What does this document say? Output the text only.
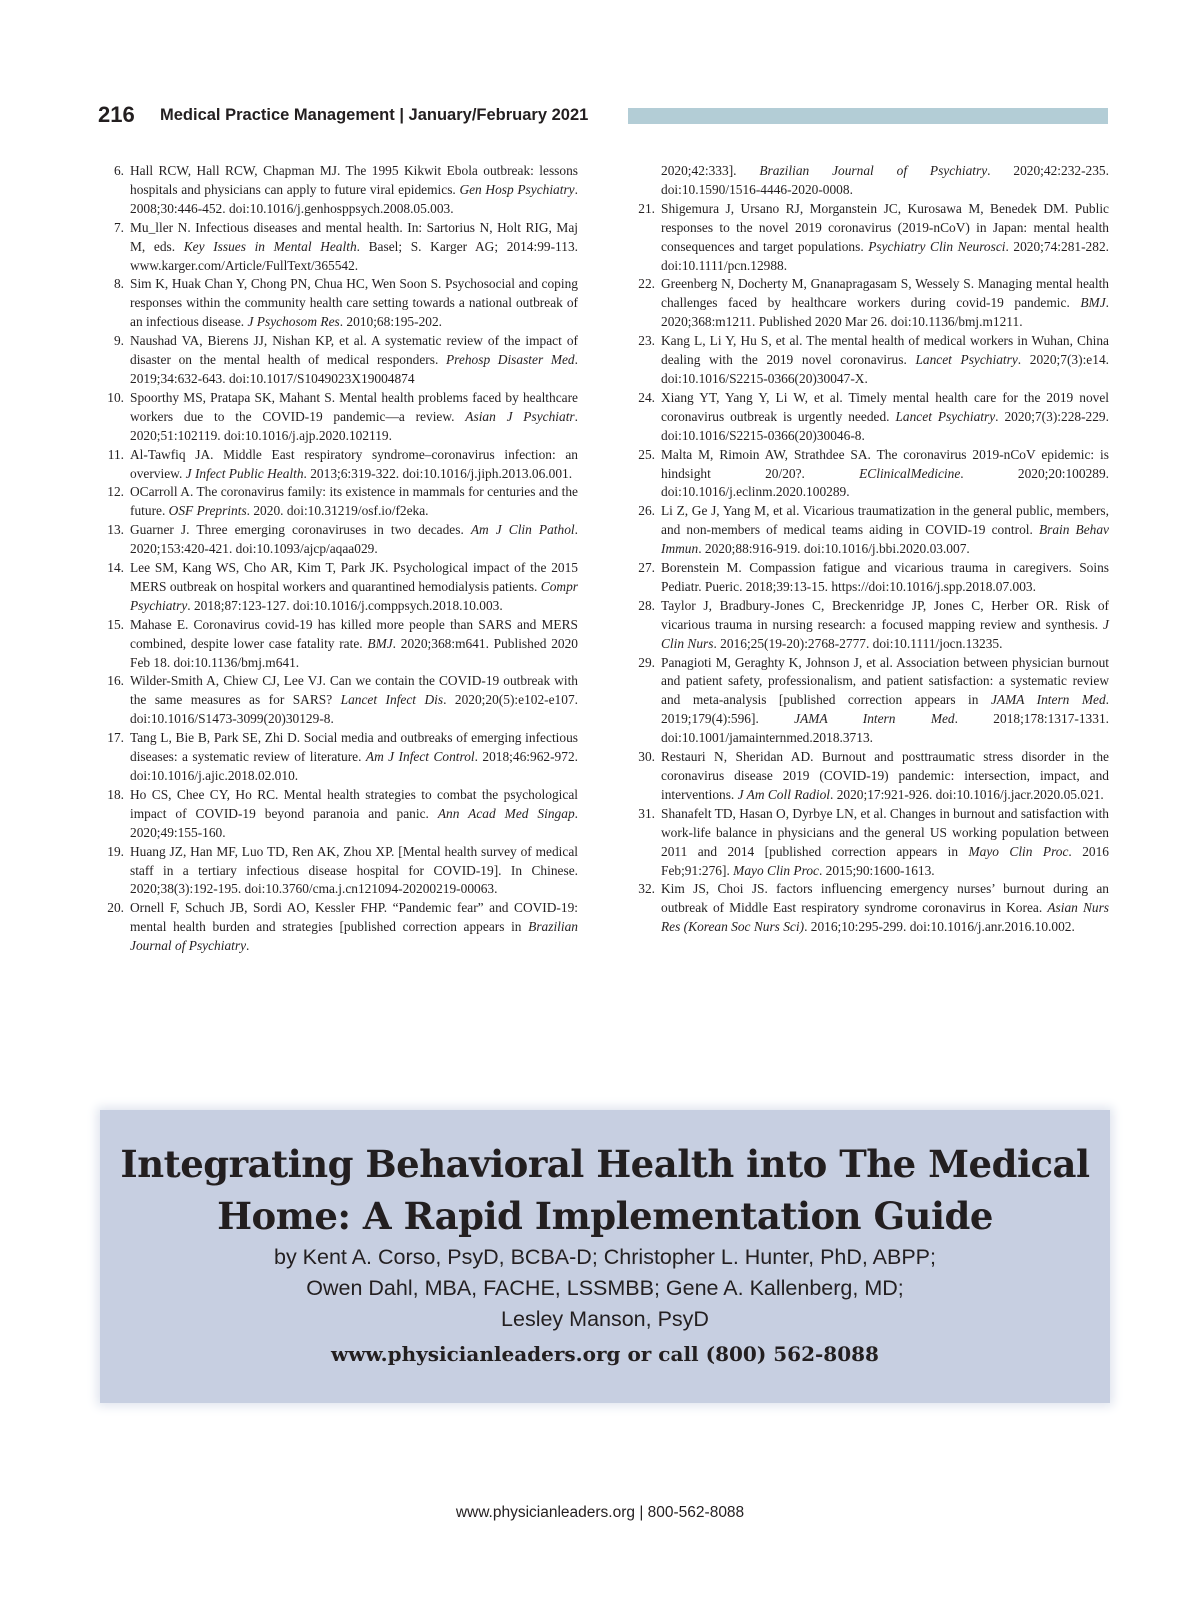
216 Medical Practice Management | January/February 2021
6. Hall RCW, Hall RCW, Chapman MJ. The 1995 Kikwit Ebola outbreak: lessons hospitals and physicians can apply to future viral epidemics. Gen Hosp Psychiatry. 2008;30:446-452. doi:10.1016/j.genhosppsych.2008.05.003.
7. Mu_ller N. Infectious diseases and mental health. In: Sartorius N, Holt RIG, Maj M, eds. Key Issues in Mental Health. Basel; S. Karger AG; 2014:99-113. www.karger.com/Article/FullText/365542.
8. Sim K, Huak Chan Y, Chong PN, Chua HC, Wen Soon S. Psychosocial and coping responses within the community health care setting towards a national outbreak of an infectious disease. J Psychosom Res. 2010;68:195-202.
9. Naushad VA, Bierens JJ, Nishan KP, et al. A systematic review of the impact of disaster on the mental health of medical responders. Prehosp Disaster Med. 2019;34:632-643. doi:10.1017/S1049023X19004874
10. Spoorthy MS, Pratapa SK, Mahant S. Mental health problems faced by healthcare workers due to the COVID-19 pandemic—a review. Asian J Psychiatr. 2020;51:102119. doi:10.1016/j.ajp.2020.102119.
11. Al-Tawfiq JA. Middle East respiratory syndrome–coronavirus infection: an overview. J Infect Public Health. 2013;6:319-322. doi:10.1016/j.jiph.2013.06.001.
12. OCarroll A. The coronavirus family: its existence in mammals for centuries and the future. OSF Preprints. 2020. doi:10.31219/osf.io/f2eka.
13. Guarner J. Three emerging coronaviruses in two decades. Am J Clin Pathol. 2020;153:420-421. doi:10.1093/ajcp/aqaa029.
14. Lee SM, Kang WS, Cho AR, Kim T, Park JK. Psychological impact of the 2015 MERS outbreak on hospital workers and quarantined hemodialysis patients. Compr Psychiatry. 2018;87:123-127. doi:10.1016/j.comppsych.2018.10.003.
15. Mahase E. Coronavirus covid-19 has killed more people than SARS and MERS combined, despite lower case fatality rate. BMJ. 2020;368:m641. Published 2020 Feb 18. doi:10.1136/bmj.m641.
16. Wilder-Smith A, Chiew CJ, Lee VJ. Can we contain the COVID-19 outbreak with the same measures as for SARS? Lancet Infect Dis. 2020;20(5):e102-e107. doi:10.1016/S1473-3099(20)30129-8.
17. Tang L, Bie B, Park SE, Zhi D. Social media and outbreaks of emerging infectious diseases: a systematic review of literature. Am J Infect Control. 2018;46:962-972. doi:10.1016/j.ajic.2018.02.010.
18. Ho CS, Chee CY, Ho RC. Mental health strategies to combat the psychological impact of COVID-19 beyond paranoia and panic. Ann Acad Med Singap. 2020;49:155-160.
19. Huang JZ, Han MF, Luo TD, Ren AK, Zhou XP. [Mental health survey of medical staff in a tertiary infectious disease hospital for COVID-19]. In Chinese. 2020;38(3):192-195. doi:10.3760/cma.j.cn121094-20200219-00063.
20. Ornell F, Schuch JB, Sordi AO, Kessler FHP. “Pandemic fear” and COVID-19: mental health burden and strategies [published correction appears in Brazilian Journal of Psychiatry.
2020;42:333]. Brazilian Journal of Psychiatry. 2020;42:232-235. doi:10.1590/1516-4446-2020-0008.
21. Shigemura J, Ursano RJ, Morganstein JC, Kurosawa M, Benedek DM. Public responses to the novel 2019 coronavirus (2019-nCoV) in Japan: mental health consequences and target populations. Psychiatry Clin Neurosci. 2020;74:281-282. doi:10.1111/pcn.12988.
22. Greenberg N, Docherty M, Gnanapragasam S, Wessely S. Managing mental health challenges faced by healthcare workers during covid-19 pandemic. BMJ. 2020;368:m1211. Published 2020 Mar 26. doi:10.1136/bmj.m1211.
23. Kang L, Li Y, Hu S, et al. The mental health of medical workers in Wuhan, China dealing with the 2019 novel coronavirus. Lancet Psychiatry. 2020;7(3):e14. doi:10.1016/S2215-0366(20)30047-X.
24. Xiang YT, Yang Y, Li W, et al. Timely mental health care for the 2019 novel coronavirus outbreak is urgently needed. Lancet Psychiatry. 2020;7(3):228-229. doi:10.1016/S2215-0366(20)30046-8.
25. Malta M, Rimoin AW, Strathdee SA. The coronavirus 2019-nCoV epidemic: is hindsight 20/20?. EClinicalMedicine. 2020;20:100289. doi:10.1016/j.eclinm.2020.100289.
26. Li Z, Ge J, Yang M, et al. Vicarious traumatization in the general public, members, and non-members of medical teams aiding in COVID-19 control. Brain Behav Immun. 2020;88:916-919. doi:10.1016/j.bbi.2020.03.007.
27. Borenstein M. Compassion fatigue and vicarious trauma in caregivers. Soins Pediatr. Pueric. 2018;39:13-15. https://doi:10.1016/j.spp.2018.07.003.
28. Taylor J, Bradbury-Jones C, Breckenridge JP, Jones C, Herber OR. Risk of vicarious trauma in nursing research: a focused mapping review and synthesis. J Clin Nurs. 2016;25(19-20):2768-2777. doi:10.1111/jocn.13235.
29. Panagioti M, Geraghty K, Johnson J, et al. Association between physician burnout and patient safety, professionalism, and patient satisfaction: a systematic review and meta-analysis [published correction appears in JAMA Intern Med. 2019;179(4):596]. JAMA Intern Med. 2018;178:1317-1331. doi:10.1001/jamainternmed.2018.3713.
30. Restauri N, Sheridan AD. Burnout and posttraumatic stress disorder in the coronavirus disease 2019 (COVID-19) pandemic: intersection, impact, and interventions. J Am Coll Radiol. 2020;17:921-926. doi:10.1016/j.jacr.2020.05.021.
31. Shanafelt TD, Hasan O, Dyrbye LN, et al. Changes in burnout and satisfaction with work-life balance in physicians and the general US working population between 2011 and 2014 [published correction appears in Mayo Clin Proc. 2016 Feb;91:276]. Mayo Clin Proc. 2015;90:1600-1613.
32. Kim JS, Choi JS. factors influencing emergency nurses’ burnout during an outbreak of Middle East respiratory syndrome coronavirus in Korea. Asian Nurs Res (Korean Soc Nurs Sci). 2016;10:295-299. doi:10.1016/j.anr.2016.10.002.
Integrating Behavioral Health into The Medical
Home: A Rapid Implementation Guide
by Kent A. Corso, PsyD, BCBA-D; Christopher L. Hunter, PhD, ABPP;
Owen Dahl, MBA, FACHE, LSSMBB; Gene A. Kallenberg, MD;
Lesley Manson, PsyD
www.physicianleaders.org or call (800) 562-8088
www.physicianleaders.org | 800-562-8088
